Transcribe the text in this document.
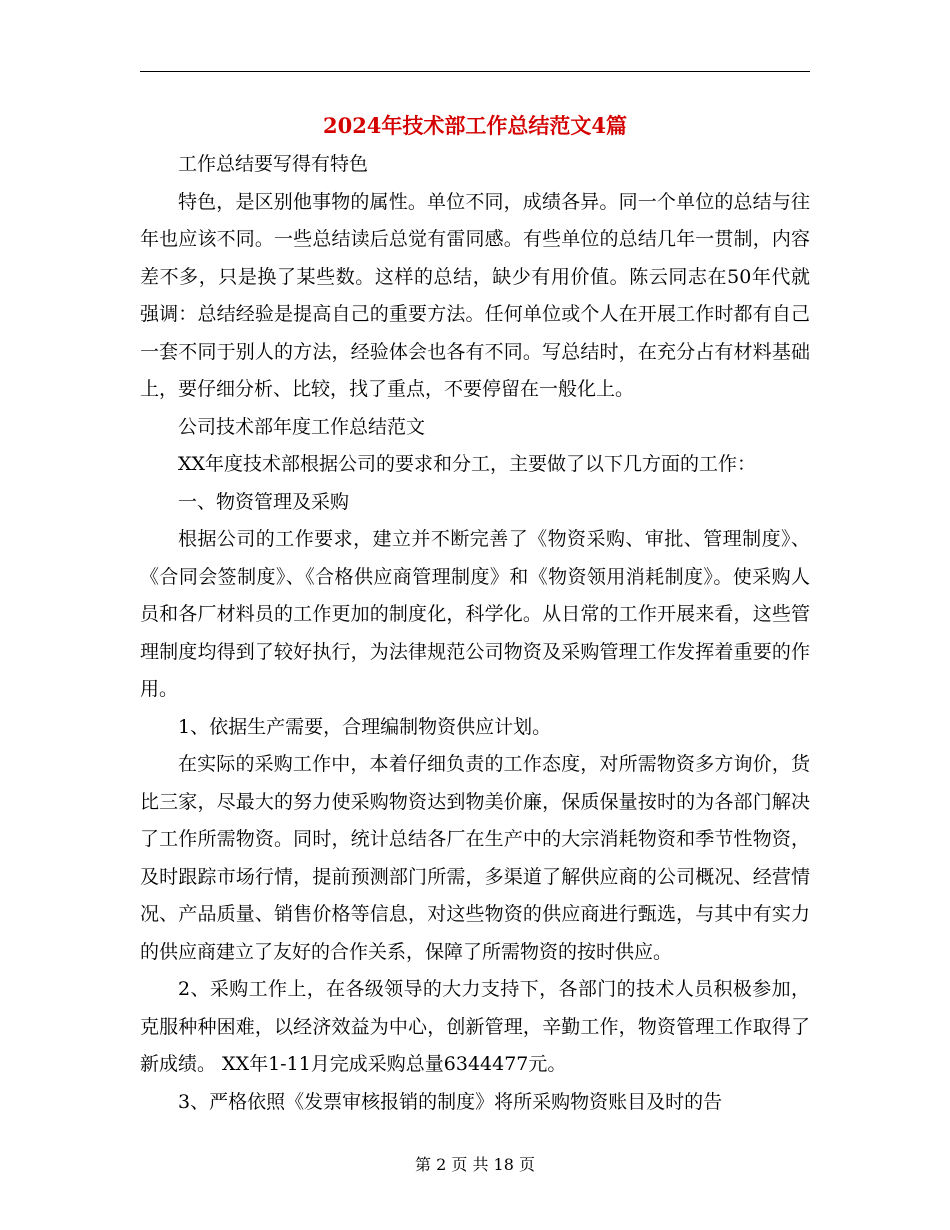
2024年技术部工作总结范文4篇

工作总结要写得有特色

特色，是区别他事物的属性。单位不同，成绩各异。同一个单位的总结与往年也应该不同。一些总结读后总觉有雷同感。有些单位的总结几年一贯制，内容差不多，只是换了某些数。这样的总结，缺少有用价值。陈云同志在50年代就强调：总结经验是提高自己的重要方法。任何单位或个人在开展工作时都有自己一套不同于别人的方法，经验体会也各有不同。写总结时，在充分占有材料基础上，要仔细分析、比较，找了重点，不要停留在一般化上。

公司技术部年度工作总结范文

XX年度技术部根据公司的要求和分工，主要做了以下几方面的工作：

一、物资管理及采购

根据公司的工作要求，建立并不断完善了《物资采购、审批、管理制度》、《合同会签制度》、《合格供应商管理制度》和《物资领用消耗制度》。使采购人员和各厂材料员的工作更加的制度化，科学化。从日常的工作开展来看，这些管理制度均得到了较好执行，为法律规范公司物资及采购管理工作发挥着重要的作用。

1、依据生产需要，合理编制物资供应计划。

在实际的采购工作中，本着仔细负责的工作态度，对所需物资多方询价，货比三家，尽最大的努力使采购物资达到物美价廉，保质保量按时的为各部门解决了工作所需物资。同时，统计总结各厂在生产中的大宗消耗物资和季节性物资，及时跟踪市场行情，提前预测部门所需，多渠道了解供应商的公司概况、经营情况、产品质量、销售价格等信息，对这些物资的供应商进行甄选，与其中有实力的供应商建立了友好的合作关系，保障了所需物资的按时供应。

2、采购工作上，在各级领导的大力支持下，各部门的技术人员积极参加，克服种种困难，以经济效益为中心，创新管理，辛勤工作，物资管理工作取得了新成绩。 XX年1-11月完成采购总量6344477元。

3、严格依照《发票审核报销的制度》将所采购物资账目及时的告

第 2 页 共 18 页
